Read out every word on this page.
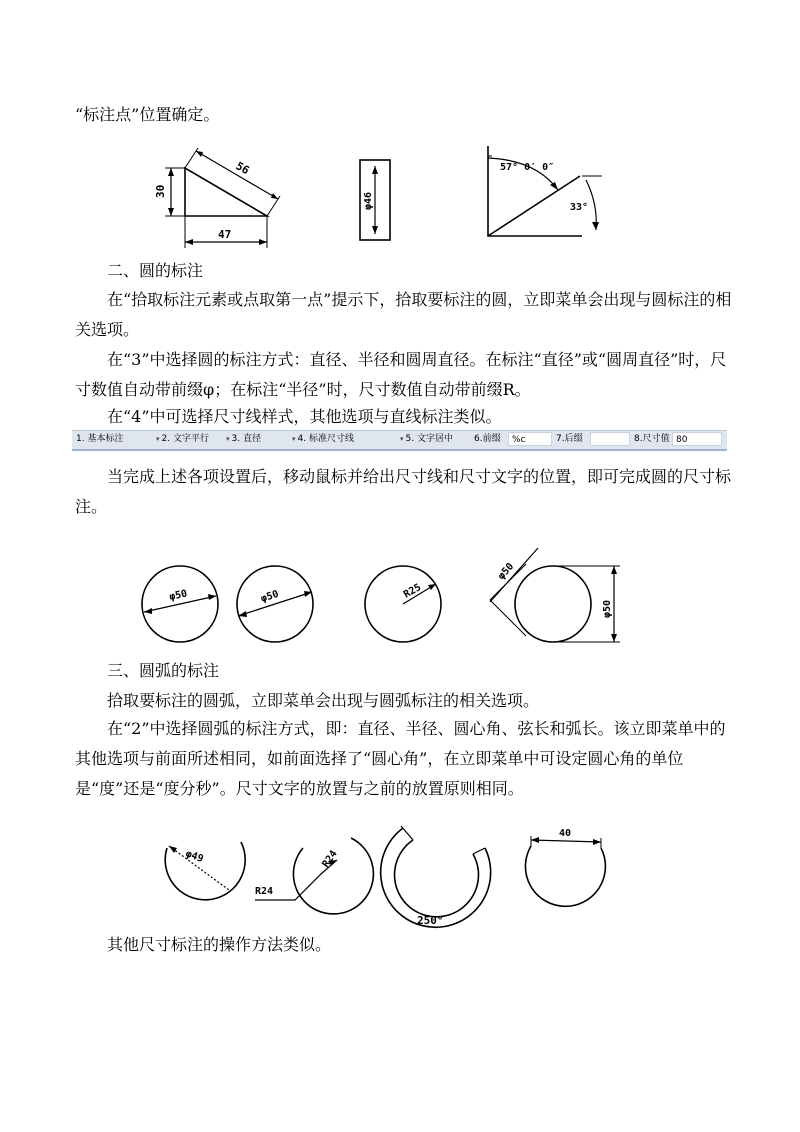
“标注点”位置确定。

30
56
47
φ46
57° 0′ 0″
33°

二、圆的标注

在“拾取标注元素或点取第一点”提示下，拾取要标注的圆，立即菜单会出现与圆标注的相关选项。

在“3”中选择圆的标注方式：直径、半径和圆周直径。在标注“直径”或“圆周直径”时，尺寸数值自动带前缀φ；在标注“半径”时，尺寸数值自动带前缀R。

在“4”中可选择尺寸线样式，其他选项与直线标注类似。

1. 基本标注	▾ 2. 文字平行 ▾ 3. 直径	▾ 4. 标准尺寸线	▾ 5. 文字居中 6.前缀	%c	7.后缀	8.尺寸值 80

当完成上述各项设置后，移动鼠标并给出尺寸线和尺寸文字的位置，即可完成圆的尺寸标注。

φ50	φ50	R25
φ50
φ50

三、圆弧的标注

拾取要标注的圆弧，立即菜单会出现与圆弧标注的相关选项。

在“2”中选择圆弧的标注方式，即：直径、半径、圆心角、弦长和弧长。该立即菜单中的其他选项与前面所述相同，如前面选择了“圆心角”，在立即菜单中可设定圆心角的单位是“度”还是“度分秒”。尺寸文字的放置与之前的放置原则相同。

φ49
R24
R24
250°
40

其他尺寸标注的操作方法类似。
